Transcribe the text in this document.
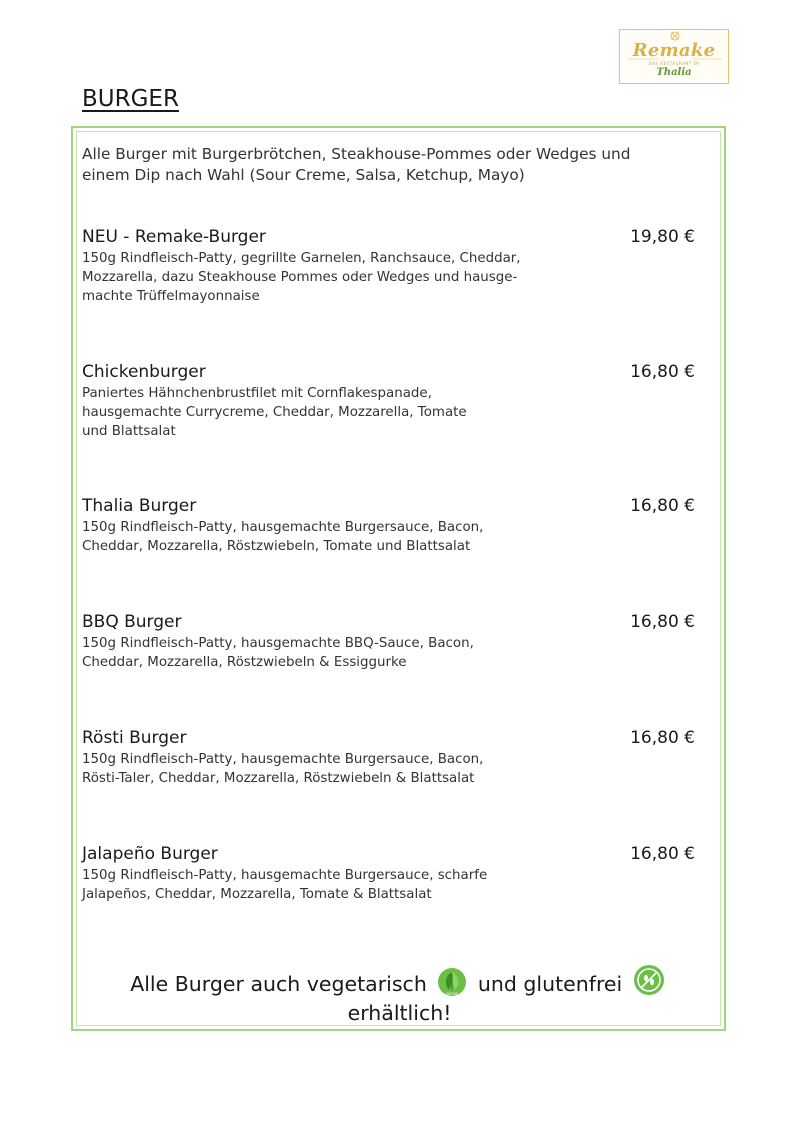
Remake
DAS RESTAURANT IM
Thalia
BURGER
Alle Burger mit Burgerbrötchen, Steakhouse-Pommes oder Wedges und einem Dip nach Wahl (Sour Creme, Salsa, Ketchup, Mayo)
NEU - Remake-Burger	19,80 €
150g Rindfleisch-Patty, gegrillte Garnelen, Ranchsauce, Cheddar,
Mozzarella, dazu Steakhouse Pommes oder Wedges und hausge-
machte Trüffelmayonnaise
Chickenburger	16,80 €
Paniertes Hähnchenbrustfilet mit Cornflakespanade,
hausgemachte Currycreme, Cheddar, Mozzarella, Tomate
und Blattsalat
Thalia Burger	16,80 €
150g Rindfleisch-Patty, hausgemachte Burgersauce, Bacon,
Cheddar, Mozzarella, Röstzwiebeln, Tomate und Blattsalat
BBQ Burger	16,80 €
150g Rindfleisch-Patty, hausgemachte BBQ-Sauce, Bacon,
Cheddar, Mozzarella, Röstzwiebeln & Essiggurke
Rösti Burger	16,80 €
150g Rindfleisch-Patty, hausgemachte Burgersauce, Bacon,
Rösti-Taler, Cheddar, Mozzarella, Röstzwiebeln & Blattsalat
Jalapeño Burger	16,80 €
150g Rindfleisch-Patty, hausgemachte Burgersauce, scharfe
Jalapeños, Cheddar, Mozzarella, Tomate & Blattsalat
Alle Burger auch vegetarisch	VEGGIE und glutenfrei
erhältlich!
